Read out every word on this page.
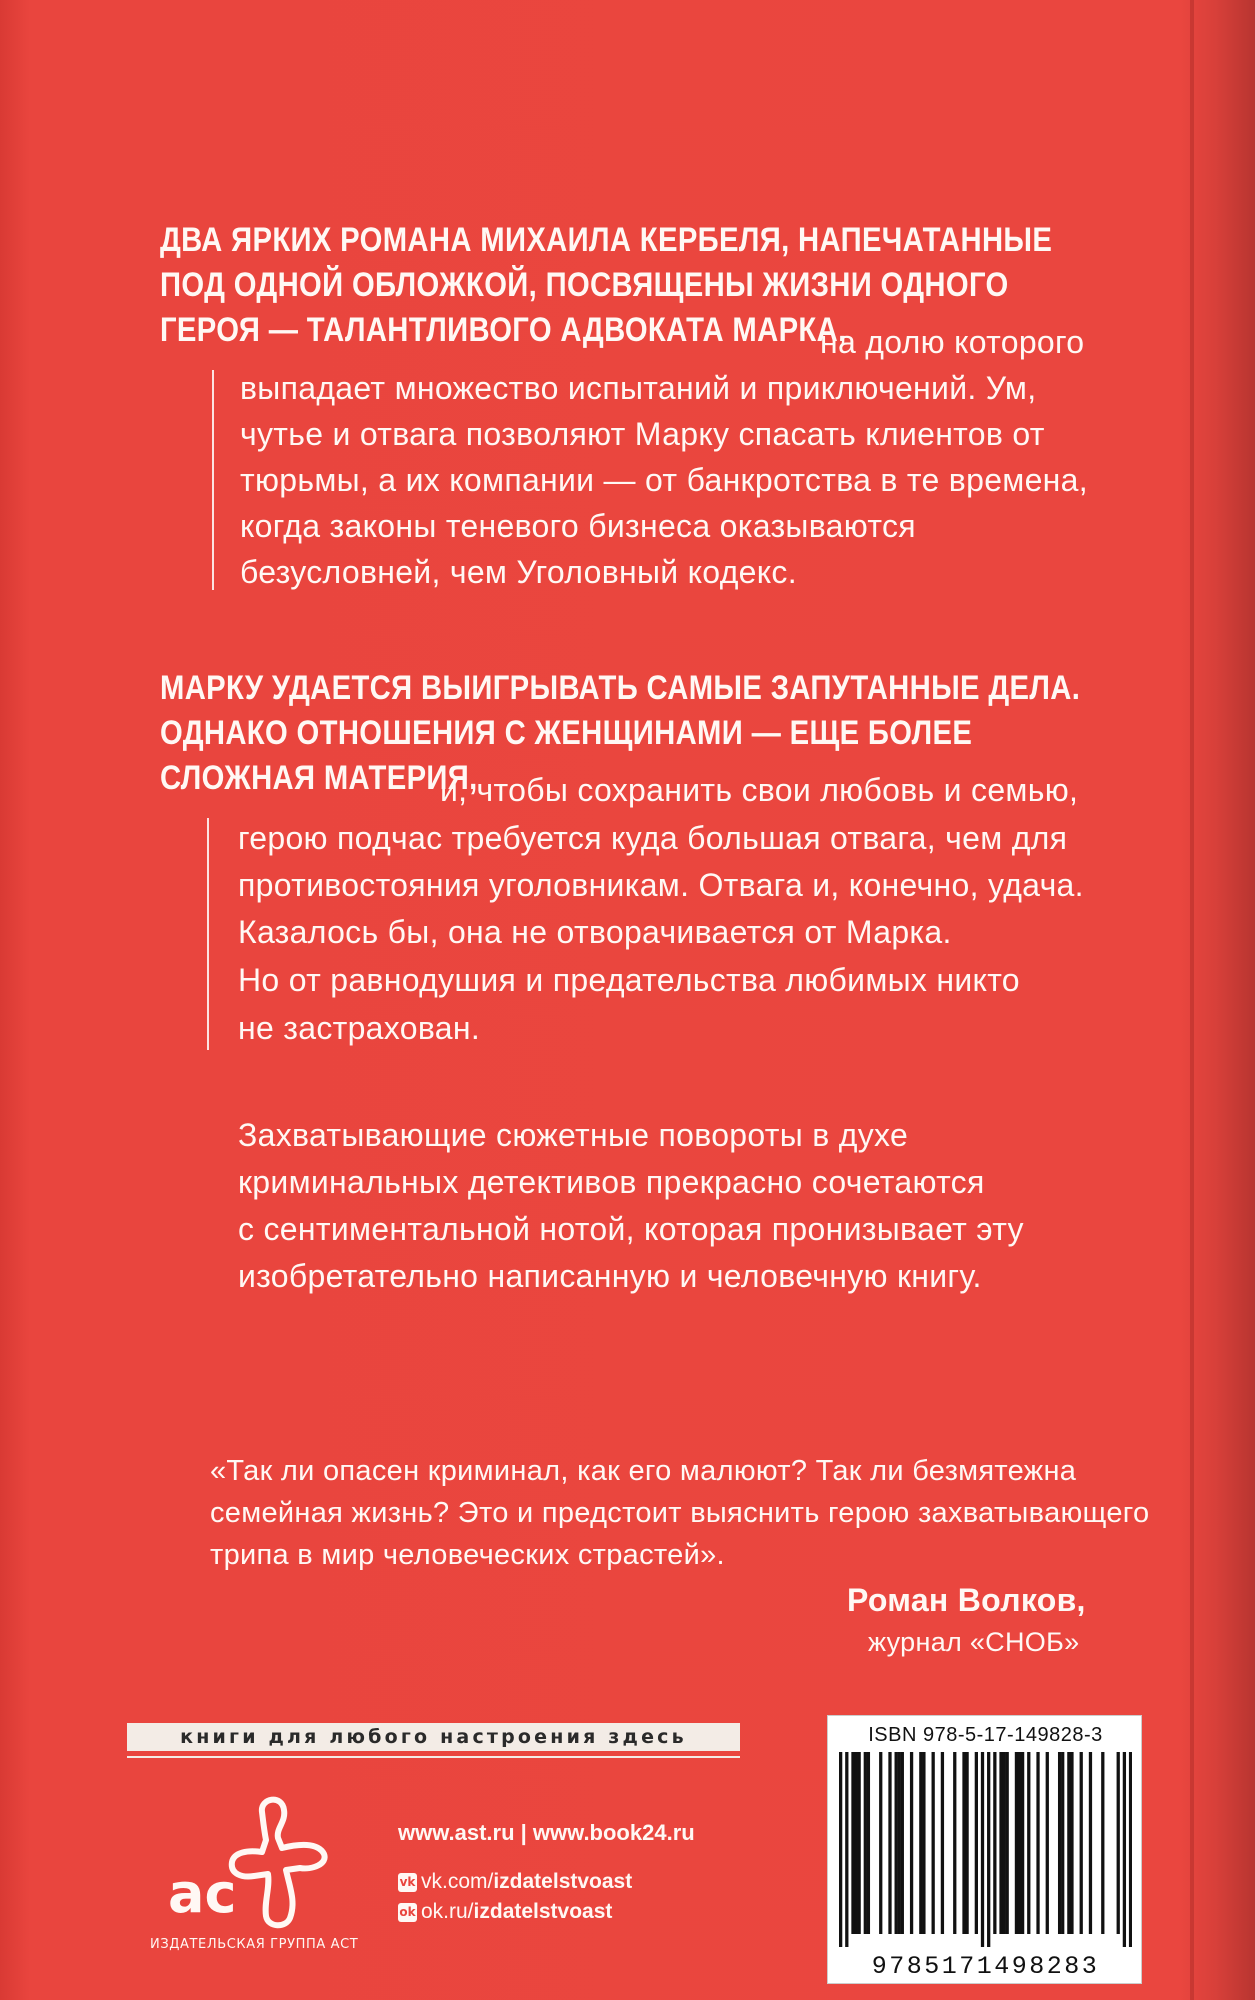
ДВА ЯРКИХ РОМАНА МИХАИЛА КЕРБЕЛЯ, НАПЕЧАТАННЫЕ
ПОД ОДНОЙ ОБЛОЖКОЙ, ПОСВЯЩЕНЫ ЖИЗНИ ОДНОГО
ГЕРОЯ — ТАЛАНТЛИВОГО АДВОКАТА МАРКА,
на долю которого
выпадает множество испытаний и приключений. Ум,
чутье и отвага позволяют Марку спасать клиентов от
тюрьмы, а их компании — от банкротства в те времена,
когда законы теневого бизнеса оказываются
безусловней, чем Уголовный кодекс.
МАРКУ УДАЕТСЯ ВЫИГРЫВАТЬ САМЫЕ ЗАПУТАННЫЕ ДЕЛА.
ОДНАКО ОТНОШЕНИЯ С ЖЕНЩИНАМИ — ЕЩЕ БОЛЕЕ
СЛОЖНАЯ МАТЕРИЯ,
и, чтобы сохранить свои любовь и семью,
герою подчас требуется куда большая отвага, чем для
противостояния уголовникам. Отвага и, конечно, удача.
Казалось бы, она не отворачивается от Марка.
Но от равнодушия и предательства любимых никто
не застрахован.
Захватывающие сюжетные повороты в духе
криминальных детективов прекрасно сочетаются
с сентиментальной нотой, которая пронизывает эту
изобретательно написанную и человечную книгу.
«Так ли опасен криминал, как его малюют? Так ли безмятежна
семейная жизнь? Это и предстоит выяснить герою захватывающего
трипа в мир человеческих страстей».
Роман Волков,
журнал «СНОБ»
книги для любого настроения здесь
ас
ИЗДАТЕЛЬСКАЯ ГРУППА АСТ
www.ast.ru | www.book24.ru
vk vk.com/izdatelstvoast
ok ok.ru/izdatelstvoast
ISBN 978-5-17-149828-3
9785171498283
